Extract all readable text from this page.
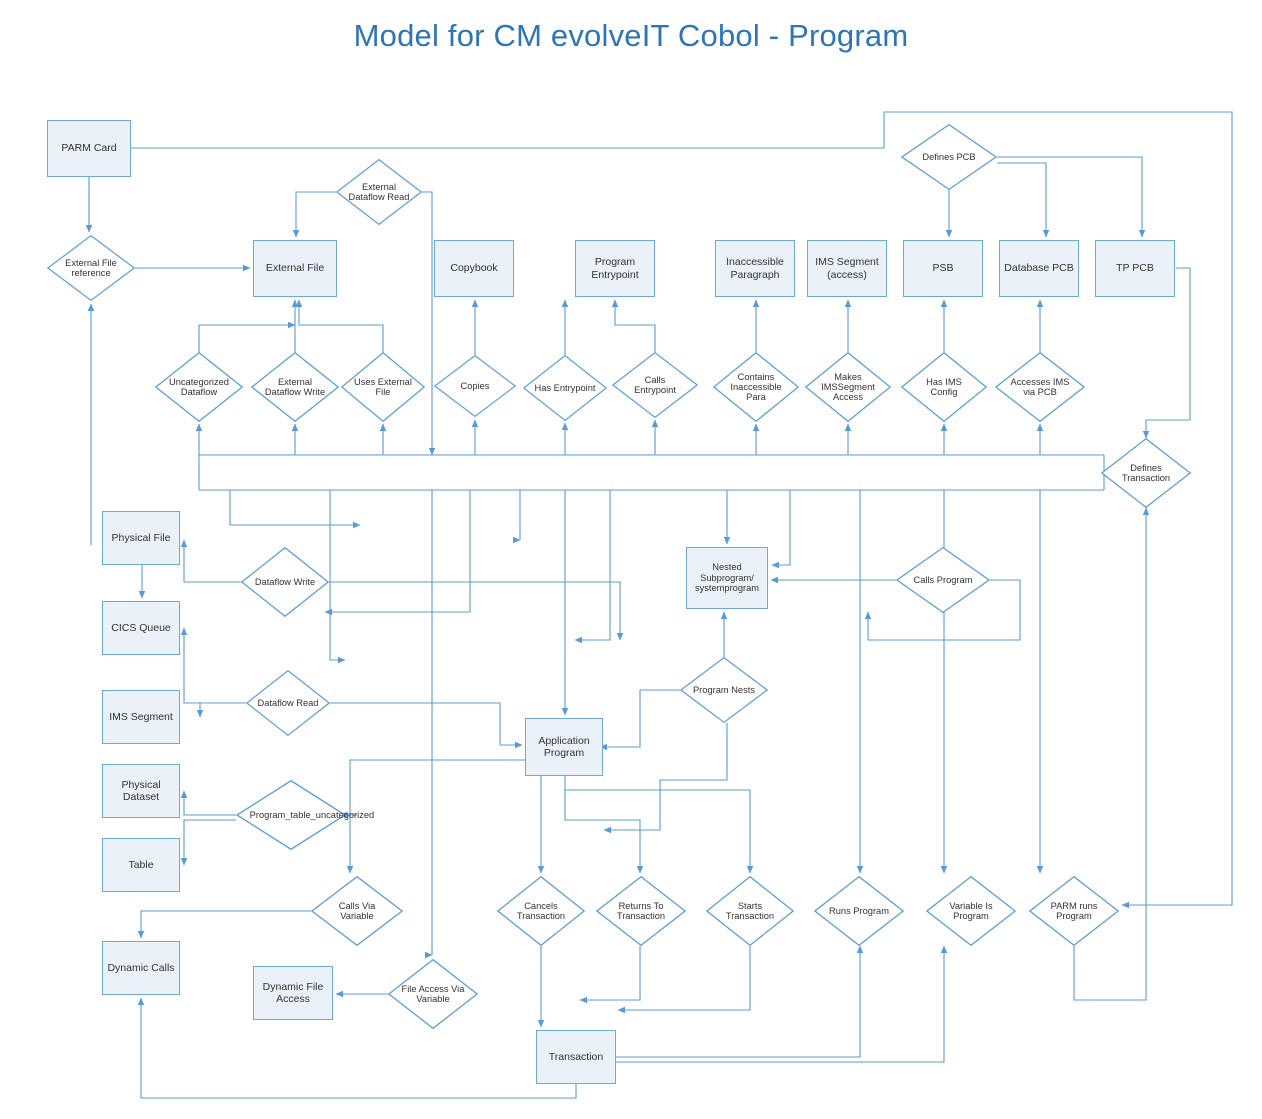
Model for CM evolveIT Cobol - Program
PARM Card
External File	Copybook
Program Entrypoint
Inaccessible Paragraph
IMS Segment (access)
PSB	Database PCB	TP PCB
Physical File
CICS Queue
IMS Segment
Physical Dataset
Table
Nested Subprogram/ systemprogram
Application Program
Dynamic Calls
Dynamic File Access
Transaction
Defines PCB
External Dataflow Read
External File reference
Uncategorized Dataflow
External Dataflow Write
Uses External File
Copies	Has Entrypoint
Calls Entrypoint
Contains Inaccessible Para
Makes IMSSegment Access
Has IMS Config
Accesses IMS via PCB
Defines Transaction
Dataflow Write	Calls Program
Dataflow Read
Program Nests
Program_table_uncategorized
Calls Via Variable
Cancels Transaction
Returns To Transaction
Starts Transaction
Runs Program
Variable Is Program
PARM runs Program
File Access Via Variable
